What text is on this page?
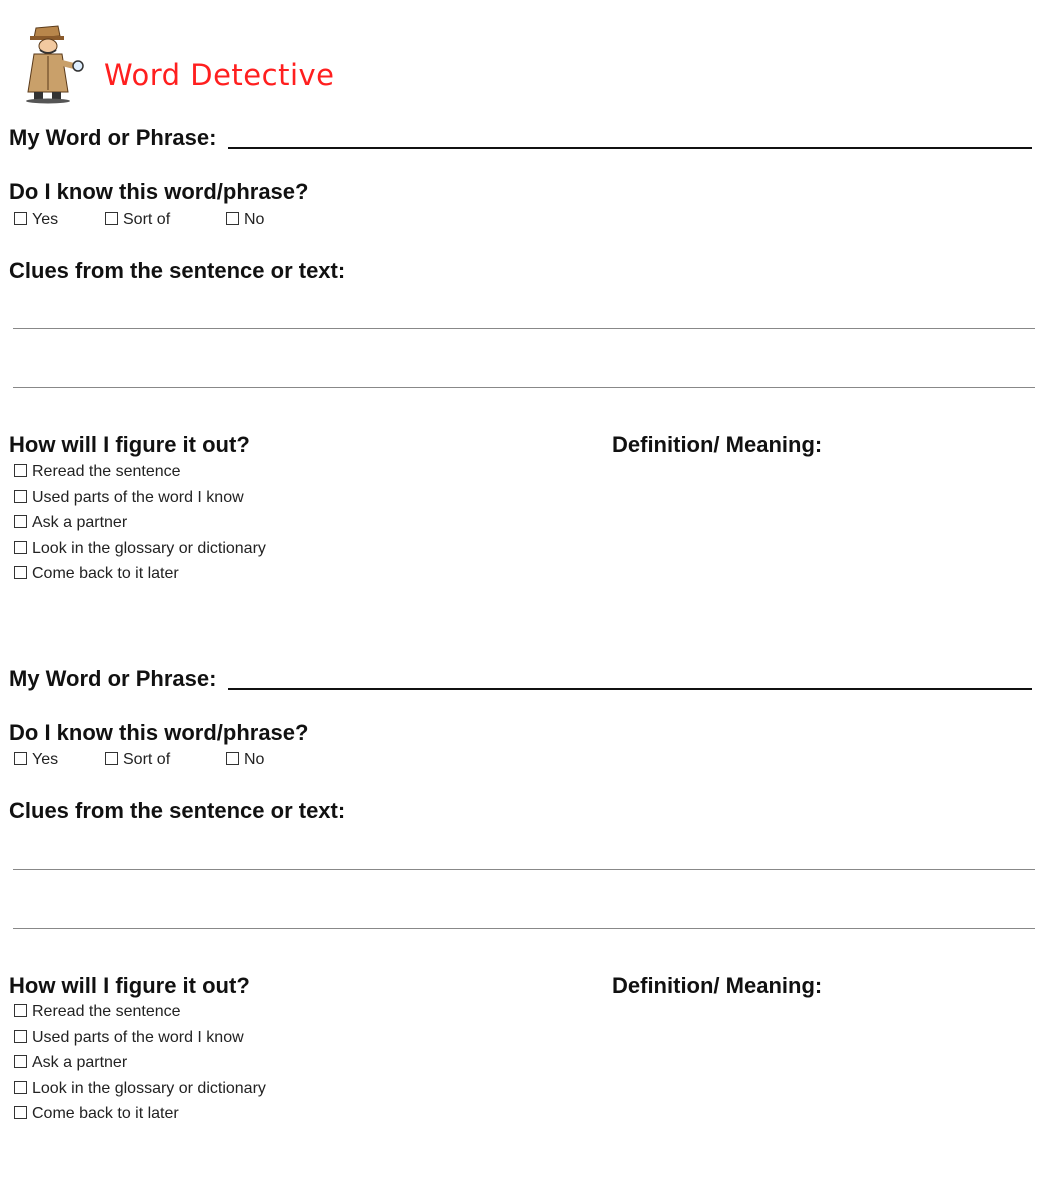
Word Detective
My Word or Phrase:
Do I know this word/phrase?
Yes	Sort of	No
Clues from the sentence or text:
How will I figure it out?	Definition/ Meaning:
Reread the sentence
Used parts of the word I know
Ask a partner
Look in the glossary or dictionary
Come back to it later
My Word or Phrase:
Do I know this word/phrase?
Yes	Sort of	No
Clues from the sentence or text:
How will I figure it out?	Definition/ Meaning:
Reread the sentence
Used parts of the word I know
Ask a partner
Look in the glossary or dictionary
Come back to it later
